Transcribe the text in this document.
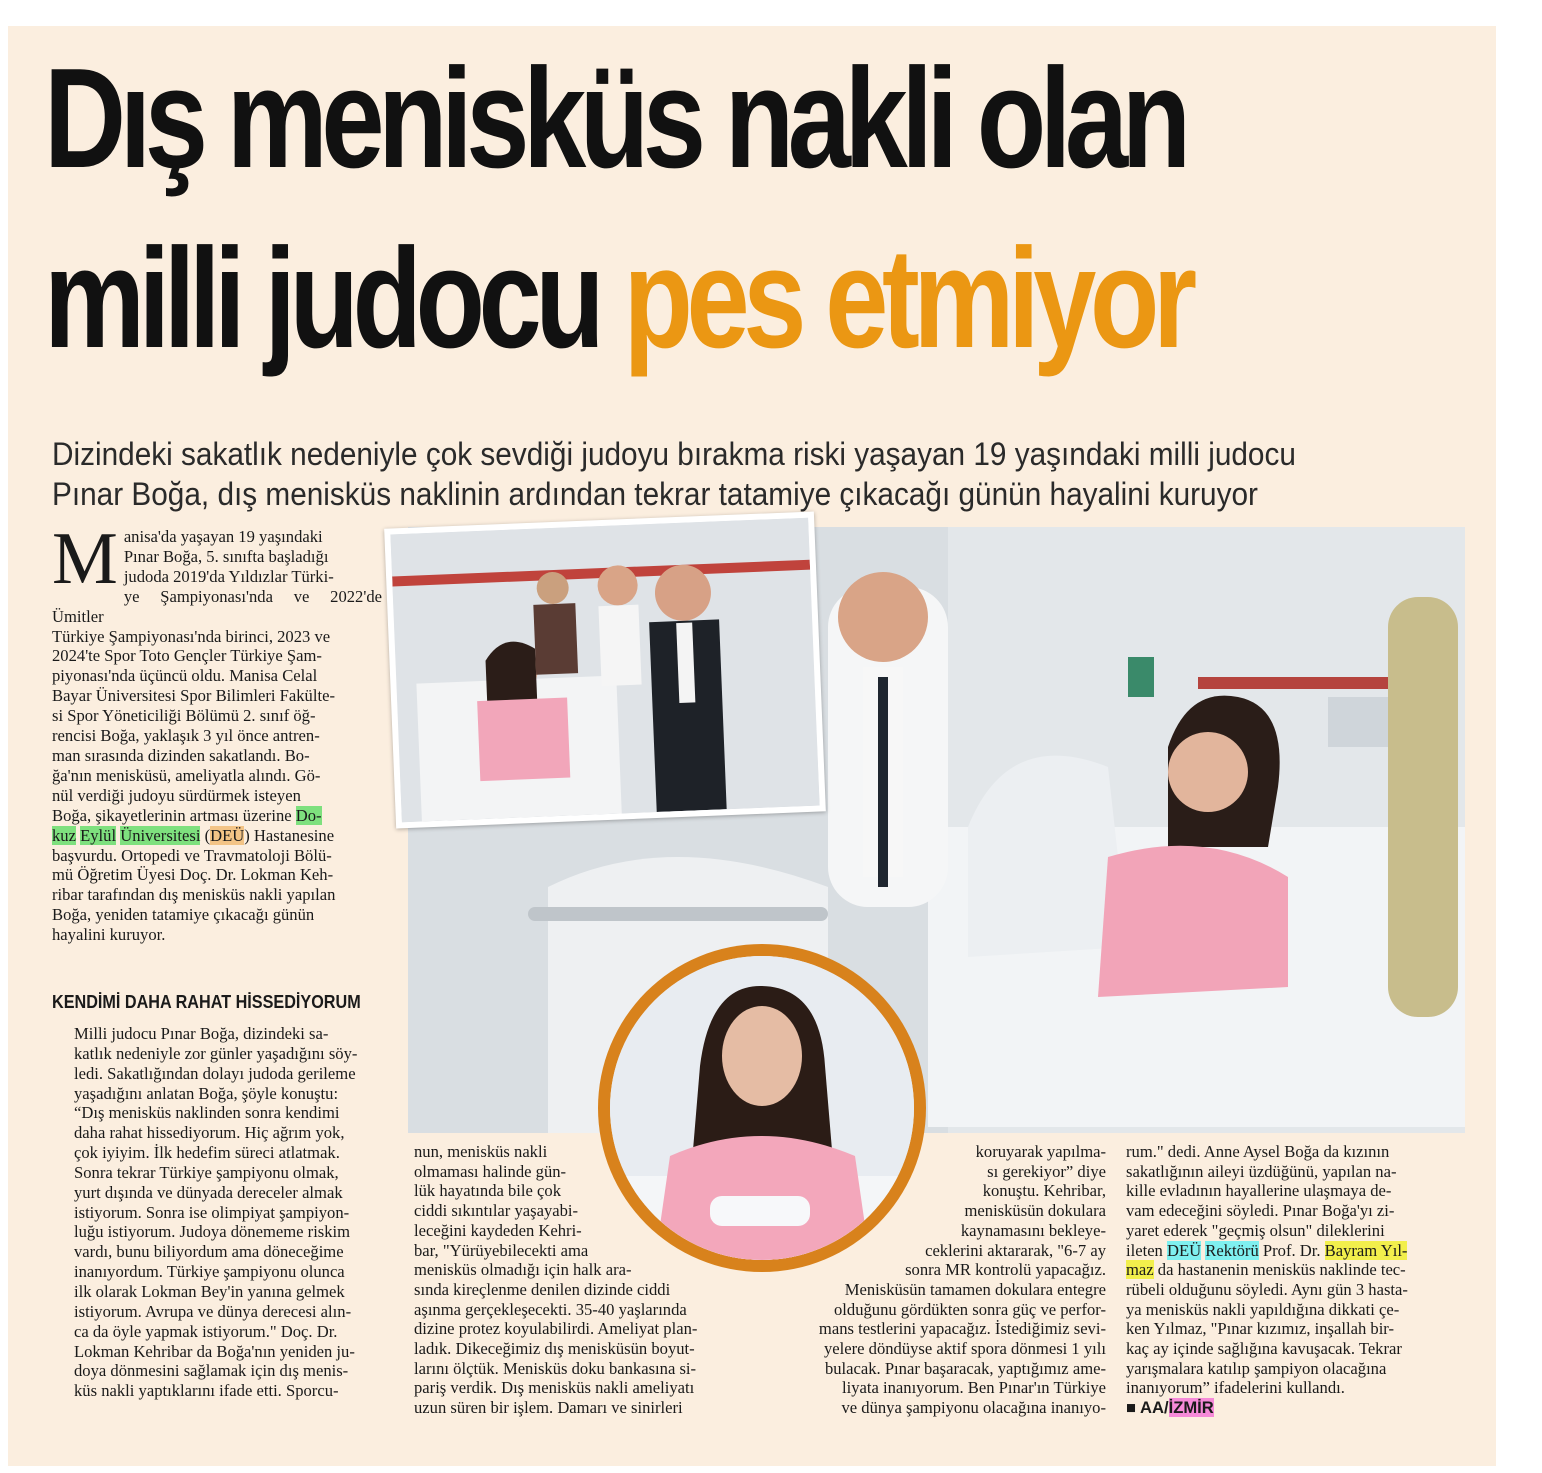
Dış menisküs nakli olan
milli judocu pes etmiyor
Dizindeki sakatlık nedeniyle çok sevdiği judoyu bırakma riski yaşayan 19 yaşındaki milli judocu
Pınar Boğa, dış menisküs naklinin ardından tekrar tatamiye çıkacağı günün hayalini kuruyor
M anisa'da yaşayan 19 yaşındaki

Pınar Boğa, 5. sınıfta başladığı

judoda 2019'da Yıldızlar Türki-

ye Şampiyonası'nda ve 2022'de Ümitler

Türkiye Şampiyonası'nda birinci, 2023 ve

2024'te Spor Toto Gençler Türkiye Şam-

piyonası'nda üçüncü oldu. Manisa Celal

Bayar Üniversitesi Spor Bilimleri Fakülte-

si Spor Yöneticiliği Bölümü 2. sınıf öğ-

rencisi Boğa, yaklaşık 3 yıl önce antren-

man sırasında dizinden sakatlandı. Bo-

ğa'nın menisküsü, ameliyatla alındı. Gö-

nül verdiği judoyu sürdürmek isteyen

Boğa, şikayetlerinin artması üzerine Do-

kuz Eylül Üniversitesi (DEÜ) Hastanesine

başvurdu. Ortopedi ve Travmatoloji Bölü-

mü Öğretim Üyesi Doç. Dr. Lokman Keh-

ribar tarafından dış menisküs nakli yapılan

Boğa, yeniden tatamiye çıkacağı günün

hayalini kuruyor.

KENDİMİ DAHA RAHAT HİSSEDİYORUM

Milli judocu Pınar Boğa, dizindeki sa-

katlık nedeniyle zor günler yaşadığını söy-

ledi. Sakatlığından dolayı judoda gerileme

yaşadığını anlatan Boğa, şöyle konuştu:

“Dış menisküs naklinden sonra kendimi

daha rahat hissediyorum. Hiç ağrım yok,

çok iyiyim. İlk hedefim süreci atlatmak.

Sonra tekrar Türkiye şampiyonu olmak,

yurt dışında ve dünyada dereceler almak

istiyorum. Sonra ise olimpiyat şampiyon-

luğu istiyorum. Judoya dönememe riskim

vardı, bunu biliyordum ama döneceğime

inanıyordum. Türkiye şampiyonu olunca

ilk olarak Lokman Bey'in yanına gelmek

istiyorum. Avrupa ve dünya derecesi alın-

ca da öyle yapmak istiyorum." Doç. Dr.

Lokman Kehribar da Boğa'nın yeniden ju-

doya dönmesini sağlamak için dış menis-

küs nakli yaptıklarını ifade etti. Sporcu-

nun, menisküs nakli

olmaması halinde gün-

lük hayatında bile çok

ciddi sıkıntılar yaşayabi-

leceğini kaydeden Kehri-

bar, "Yürüyebilecekti ama

menisküs olmadığı için halk ara-

sında kireçlenme denilen dizinde ciddi

aşınma gerçekleşecekti. 35-40 yaşlarında

dizine protez koyulabilirdi. Ameliyat plan-

ladık. Dikeceğimiz dış menisküsün boyut-

larını ölçtük. Menisküs doku bankasına si-

pariş verdik. Dış menisküs nakli ameliyatı

uzun süren bir işlem. Damarı ve sinirleri

koruyarak yapılma-

sı gerekiyor” diye

konuştu. Kehribar,

menisküsün dokulara

kaynamasını bekleye-

ceklerini aktararak, "6-7 ay

sonra MR kontrolü yapacağız.

Menisküsün tamamen dokulara entegre

olduğunu gördükten sonra güç ve perfor-

mans testlerini yapacağız. İstediğimiz sevi-

yelere döndüyse aktif spora dönmesi 1 yılı

bulacak. Pınar başaracak, yaptığımız ame-

liyata inanıyorum. Ben Pınar'ın Türkiye

ve dünya şampiyonu olacağına inanıyo-

rum." dedi. Anne Aysel Boğa da kızının

sakatlığının aileyi üzdüğünü, yapılan na-

kille evladının hayallerine ulaşmaya de-

vam edeceğini söyledi. Pınar Boğa'yı zi-

yaret ederek "geçmiş olsun" dileklerini

ileten DEÜ Rektörü Prof. Dr. Bayram Yıl-

maz da hastanenin menisküs naklinde tec-

rübeli olduğunu söyledi. Aynı gün 3 hasta-

ya menisküs nakli yapıldığına dikkati çe-

ken Yılmaz, "Pınar kızımız, inşallah bir-

kaç ay içinde sağlığına kavuşacak. Tekrar

yarışmalara katılıp şampiyon olacağına

inanıyorum” ifadelerini kullandı.

■ AA/İZMİR
